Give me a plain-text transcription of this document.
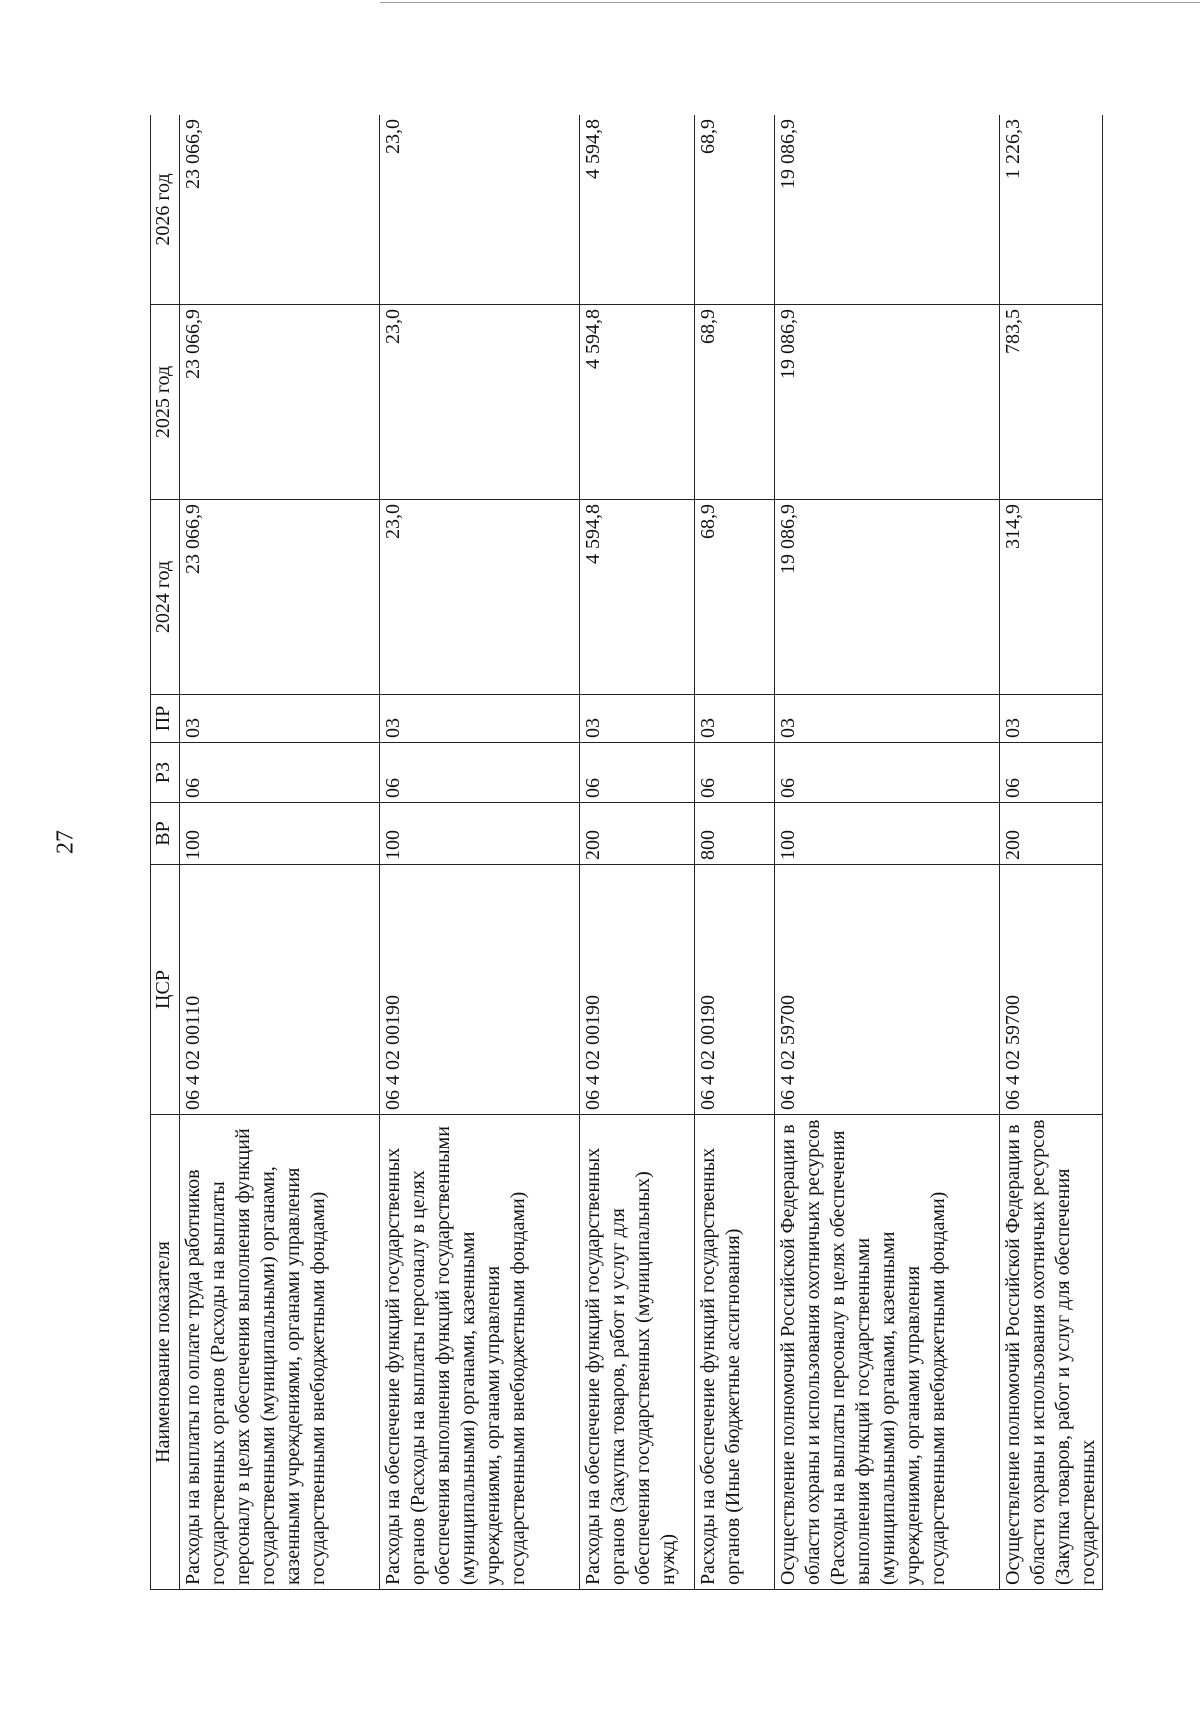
27
Наименование показателя	ЦСР	ВР	РЗ	ПР	2024 год	2025 год	2026 год
Расходы на выплаты по оплате труда работников государственных органов (Расходы на выплаты персоналу в целях обеспечения выполнения функций государственными (муниципальными) органами, казенными учреждениями, органами управления государственными внебюджетными фондами)	06 4 02 00110	100	06	03	23 066,9	23 066,9	23 066,9
Расходы на обеспечение функций государственных органов (Расходы на выплаты персоналу в целях обеспечения выполнения функций государственными (муниципальными) органами, казенными учреждениями, органами управления государственными внебюджетными фондами)	06 4 02 00190	100	06	03	23,0	23,0	23,0
Расходы на обеспечение функций государственных органов (Закупка товаров, работ и услуг для обеспечения государственных (муниципальных) нужд)	06 4 02 00190	200	06	03	4 594,8	4 594,8	4 594,8
Расходы на обеспечение функций государственных органов (Иные бюджетные ассигнования)	06 4 02 00190	800	06	03	68,9	68,9	68,9
Осуществление полномочий Российской Федерации в области охраны и использования охотничьих ресурсов (Расходы на выплаты персоналу в целях обеспечения выполнения функций государственными (муниципальными) органами, казенными учреждениями, органами управления государственными внебюджетными фондами)	06 4 02 59700	100	06	03	19 086,9	19 086,9	19 086,9
Осуществление полномочий Российской Федерации в области охраны и использования охотничьих ресурсов (Закупка товаров, работ и услуг для обеспечения государственных	06 4 02 59700	200	06	03	314,9	783,5	1 226,3
